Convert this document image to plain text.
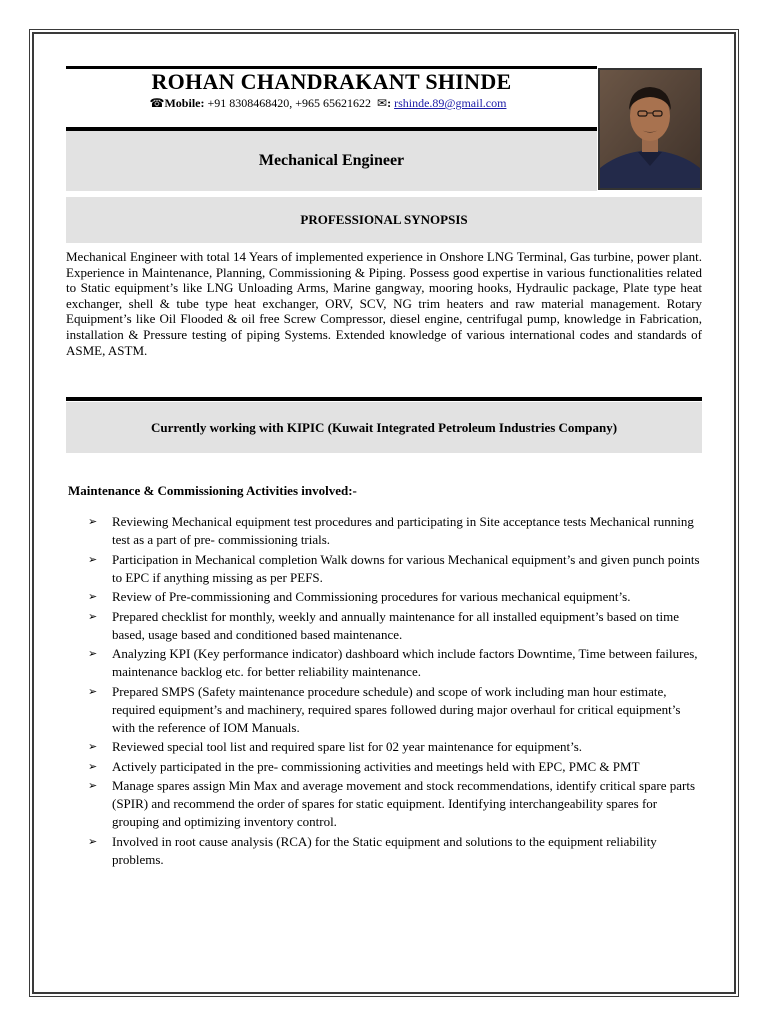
ROHAN CHANDRAKANT SHINDE
☎Mobile: +91 8308468420, +965 65621622 ✉: rshinde.89@gmail.com
Mechanical Engineer
PROFESSIONAL SYNOPSIS
Mechanical Engineer with total 14 Years of implemented experience in Onshore LNG Terminal, Gas turbine, power plant. Experience in Maintenance, Planning, Commissioning & Piping. Possess good expertise in various functionalities related to Static equipment’s like LNG Unloading Arms, Marine gangway, mooring hooks, Hydraulic package, Plate type heat exchanger, shell & tube type heat exchanger, ORV, SCV, NG trim heaters and raw material management. Rotary Equipment’s like Oil Flooded & oil free Screw Compressor, diesel engine, centrifugal pump, knowledge in Fabrication, installation & Pressure testing of piping Systems. Extended knowledge of various international codes and standards of ASME, ASTM.
Currently working with KIPIC (Kuwait Integrated Petroleum Industries Company)
Maintenance & Commissioning Activities involved:-
➢ Reviewing Mechanical equipment test procedures and participating in Site acceptance tests Mechanical running test as a part of pre- commissioning trials.
➢ Participation in Mechanical completion Walk downs for various Mechanical equipment’s and given punch points to EPC if anything missing as per PEFS.
➢ Review of Pre-commissioning and Commissioning procedures for various mechanical equipment’s.
➢ Prepared checklist for monthly, weekly and annually maintenance for all installed equipment’s based on time based, usage based and conditioned based maintenance.
➢ Analyzing KPI (Key performance indicator) dashboard which include factors Downtime, Time between failures, maintenance backlog etc. for better reliability maintenance.
➢ Prepared SMPS (Safety maintenance procedure schedule) and scope of work including man hour estimate, required equipment’s and machinery, required spares followed during major overhaul for critical equipment’s with the reference of IOM Manuals.
➢ Reviewed special tool list and required spare list for 02 year maintenance for equipment’s.
➢ Actively participated in the pre- commissioning activities and meetings held with EPC, PMC & PMT
➢ Manage spares assign Min Max and average movement and stock recommendations, identify critical spare parts (SPIR) and recommend the order of spares for static equipment. Identifying interchangeability spares for grouping and optimizing inventory control.
➢ Involved in root cause analysis (RCA) for the Static equipment and solutions to the equipment reliability problems.
